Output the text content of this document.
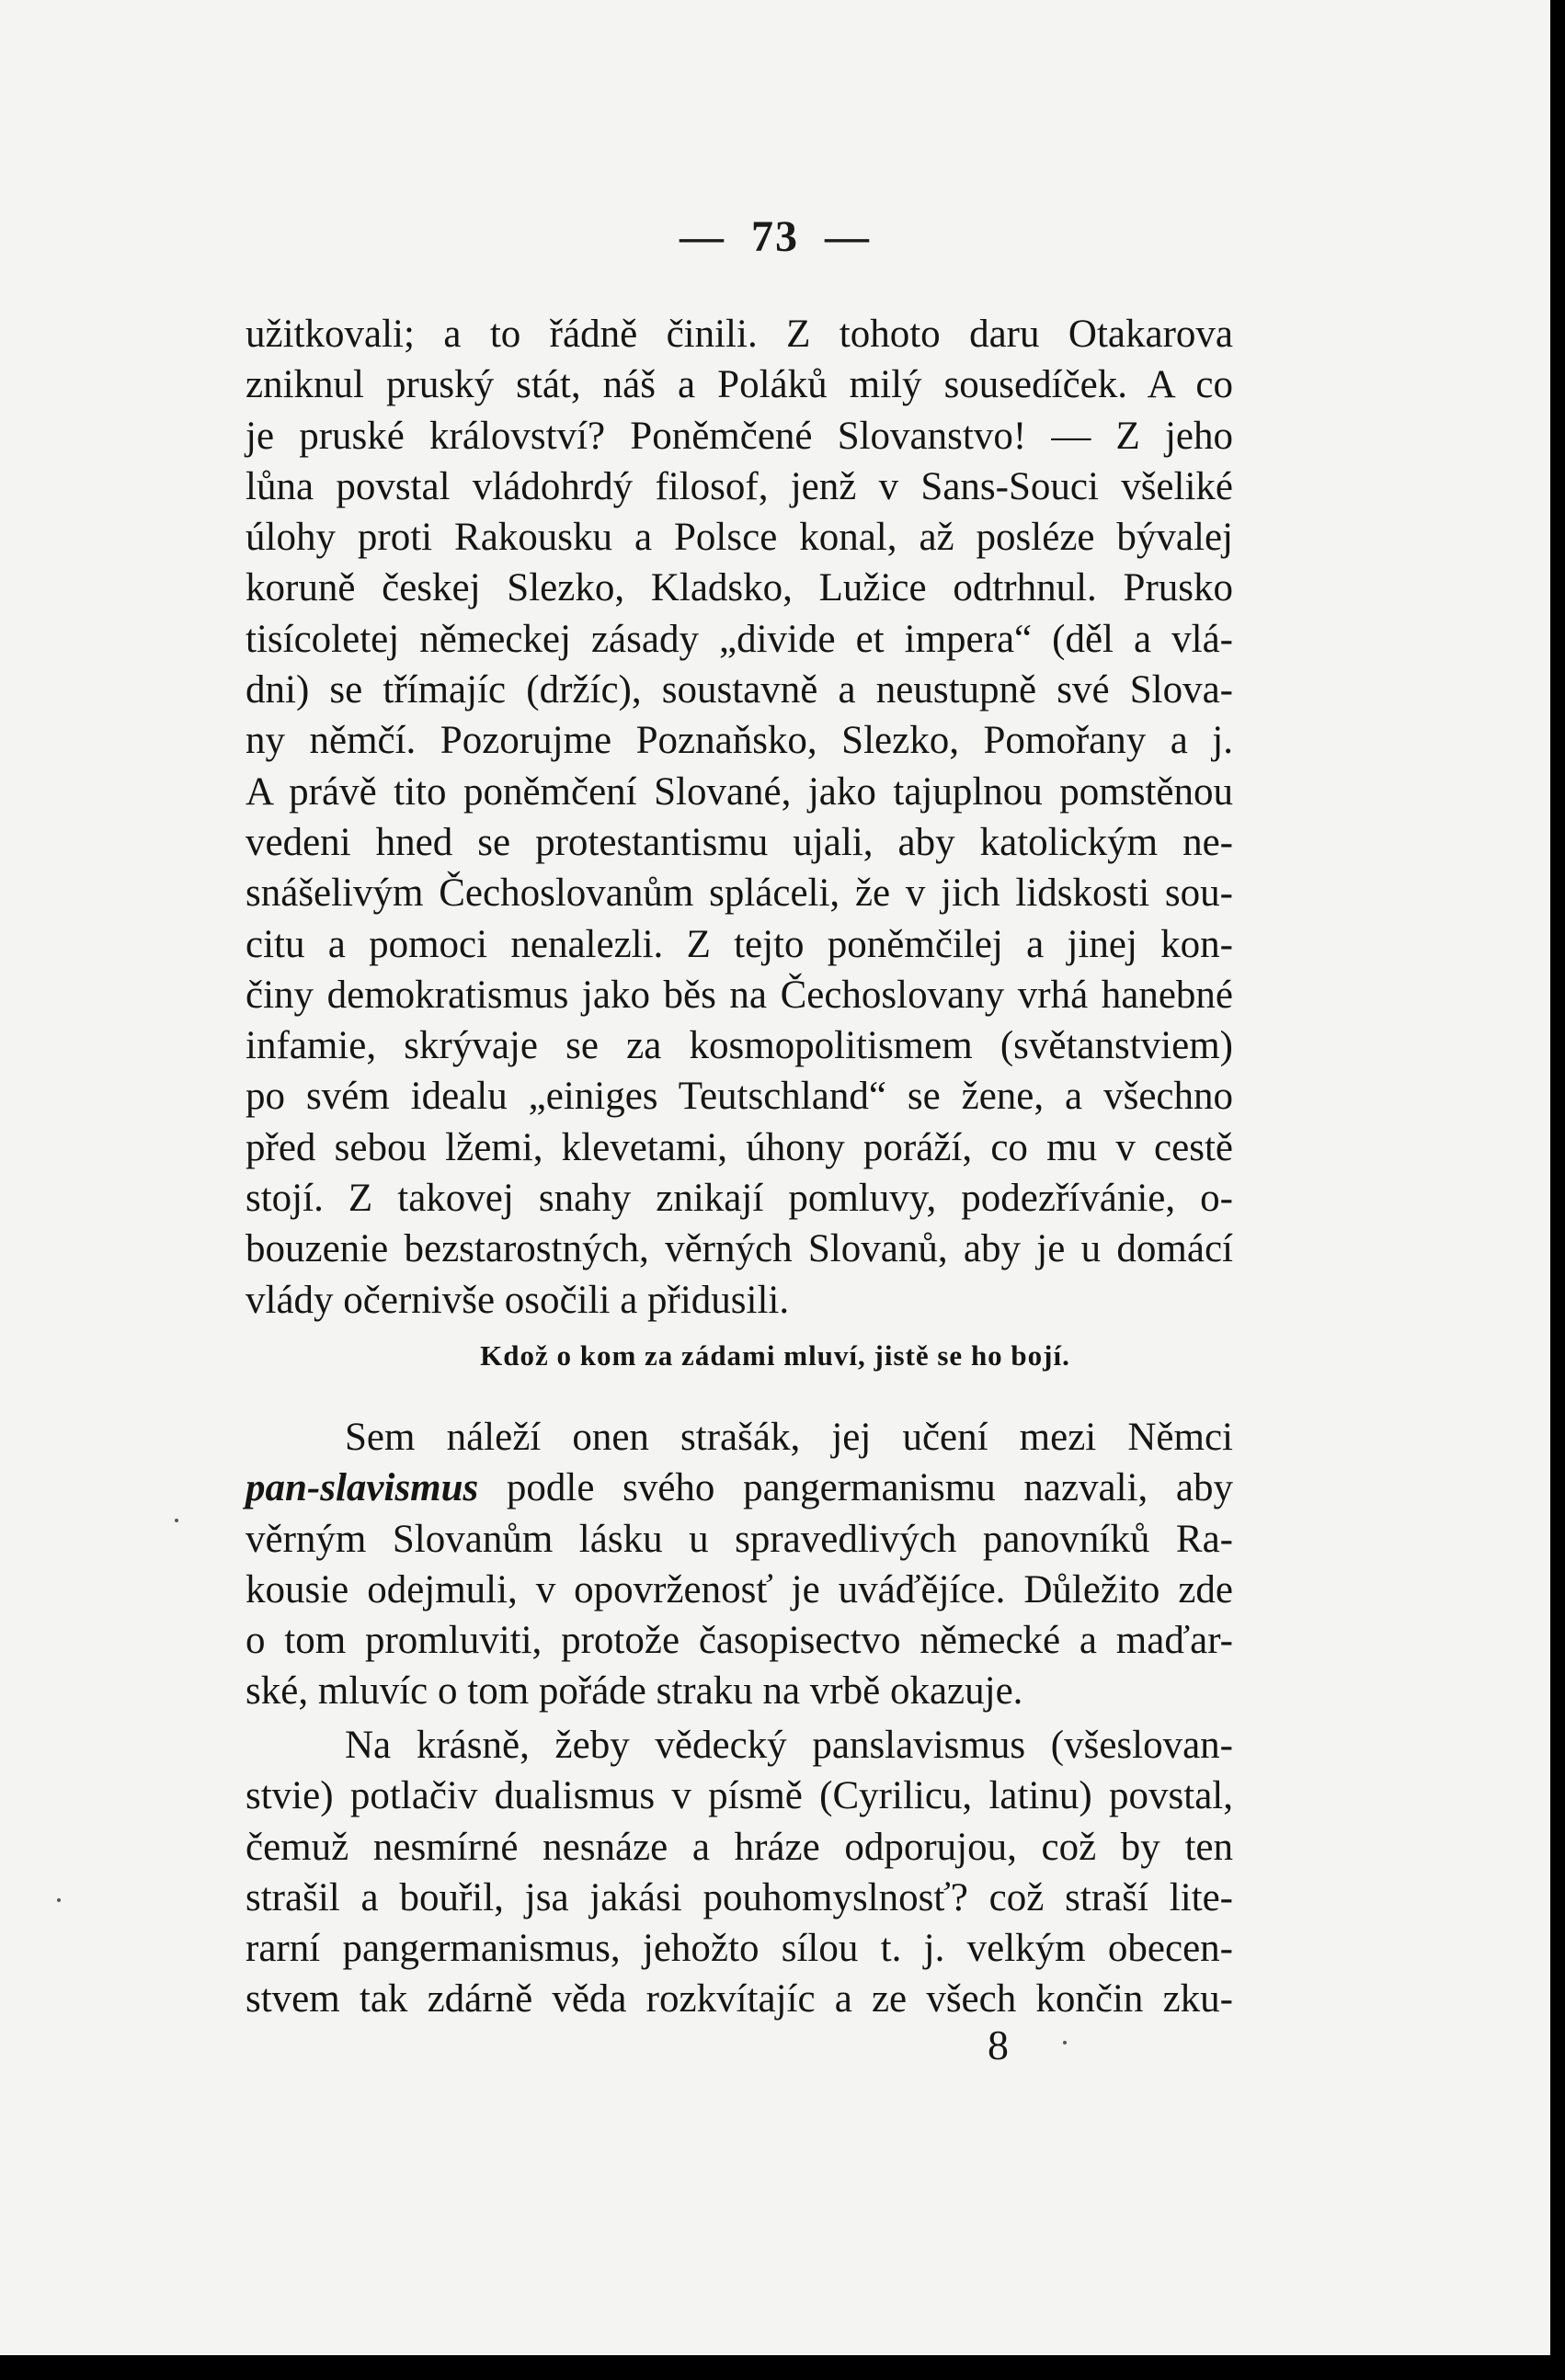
— 73 —
užitkovali; a to řádně činili. Z tohoto daru Otakarova
zniknul pruský stát, náš a Poláků milý sousedíček. A co
je pruské království? Poněmčené Slovanstvo! — Z jeho
lůna povstal vládohrdý filosof, jenž v Sans-Souci všeliké
úlohy proti Rakousku a Polsce konal, až posléze bývalej
koruně českej Slezko, Kladsko, Lužice odtrhnul. Prusko
tisícoletej německej zásady „divide et impera“ (děl a vlá-
dni) se třímajíc (držíc), soustavně a neustupně své Slova-
ny němčí. Pozorujme Poznaňsko, Slezko, Pomořany a j.
A právě tito poněmčení Slované, jako tajuplnou pomstěnou
vedeni hned se protestantismu ujali, aby katolickým ne-
snášelivým Čechoslovanům spláceli, že v jich lidskosti sou-
citu a pomoci nenalezli. Z tejto poněmčilej a jinej kon-
činy demokratismus jako běs na Čechoslovany vrhá hanebné
infamie, skrývaje se za kosmopolitismem (světanstviem)
po svém idealu „einiges Teutschland“ se žene, a všechno
před sebou lžemi, klevetami, úhony poráží, co mu v cestě
stojí. Z takovej snahy znikají pomluvy, podezřívánie, o-
bouzenie bezstarostných, věrných Slovanů, aby je u domácí
vlády očernivše osočili a přidusili.
Kdož o kom za zádami mluví, jistě se ho bojí.
Sem náleží onen strašák, jej učení mezi Němci
pan-slavismus podle svého pangermanismu nazvali, aby
věrným Slovanům lásku u spravedlivých panovníků Ra-
kousie odejmuli, v opovrženosť je uváďějíce. Důležito zde
o tom promluviti, protože časopisectvo německé a maďar-
ské, mluvíc o tom pořáde straku na vrbě okazuje.
Na krásně, žeby vědecký panslavismus (všeslovan-
stvie) potlačiv dualismus v písmě (Cyrilicu, latinu) povstal,
čemuž nesmírné nesnáze a hráze odporujou, což by ten
strašil a bouřil, jsa jakási pouhomyslnosť? což straší lite-
rarní pangermanismus, jehožto sílou t. j. velkým obecen-
stvem tak zdárně věda rozkvítajíc a ze všech končin zku-
8
